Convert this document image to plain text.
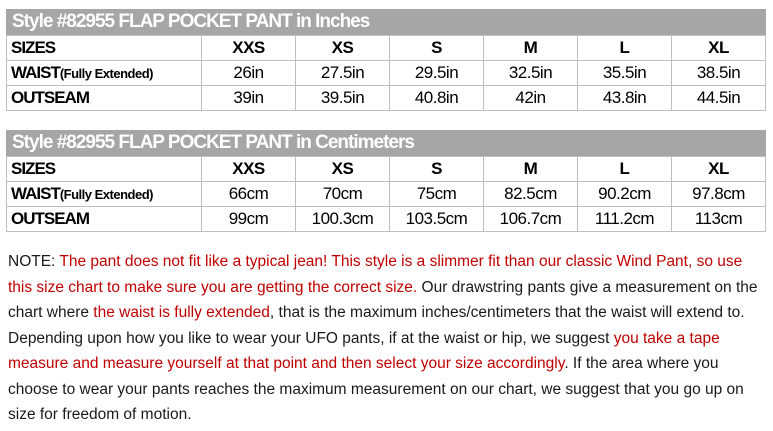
Style #82955 FLAP POCKET PANT in Inches
SIZES	XXS	XS	S	M	L	XL
WAIST(Fully Extended)	26in	27.5in	29.5in	32.5in	35.5in	38.5in
OUTSEAM	39in	39.5in	40.8in	42in	43.8in	44.5in
Style #82955 FLAP POCKET PANT in Centimeters
SIZES	XXS	XS	S	M	L	XL
WAIST(Fully Extended)	66cm	70cm	75cm	82.5cm	90.2cm	97.8cm
OUTSEAM	99cm	100.3cm	103.5cm	106.7cm	111.2cm	113cm
NOTE: The pant does not fit like a typical jean! This style is a slimmer fit than our classic Wind Pant, so use this size chart to make sure you are getting the correct size. Our drawstring pants give a measurement on the chart where the waist is fully extended, that is the maximum inches/centimeters that the waist will extend to. Depending upon how you like to wear your UFO pants, if at the waist or hip, we suggest you take a tape measure and measure yourself at that point and then select your size accordingly. If the area where you choose to wear your pants reaches the maximum measurement on our chart, we suggest that you go up on size for freedom of motion.
